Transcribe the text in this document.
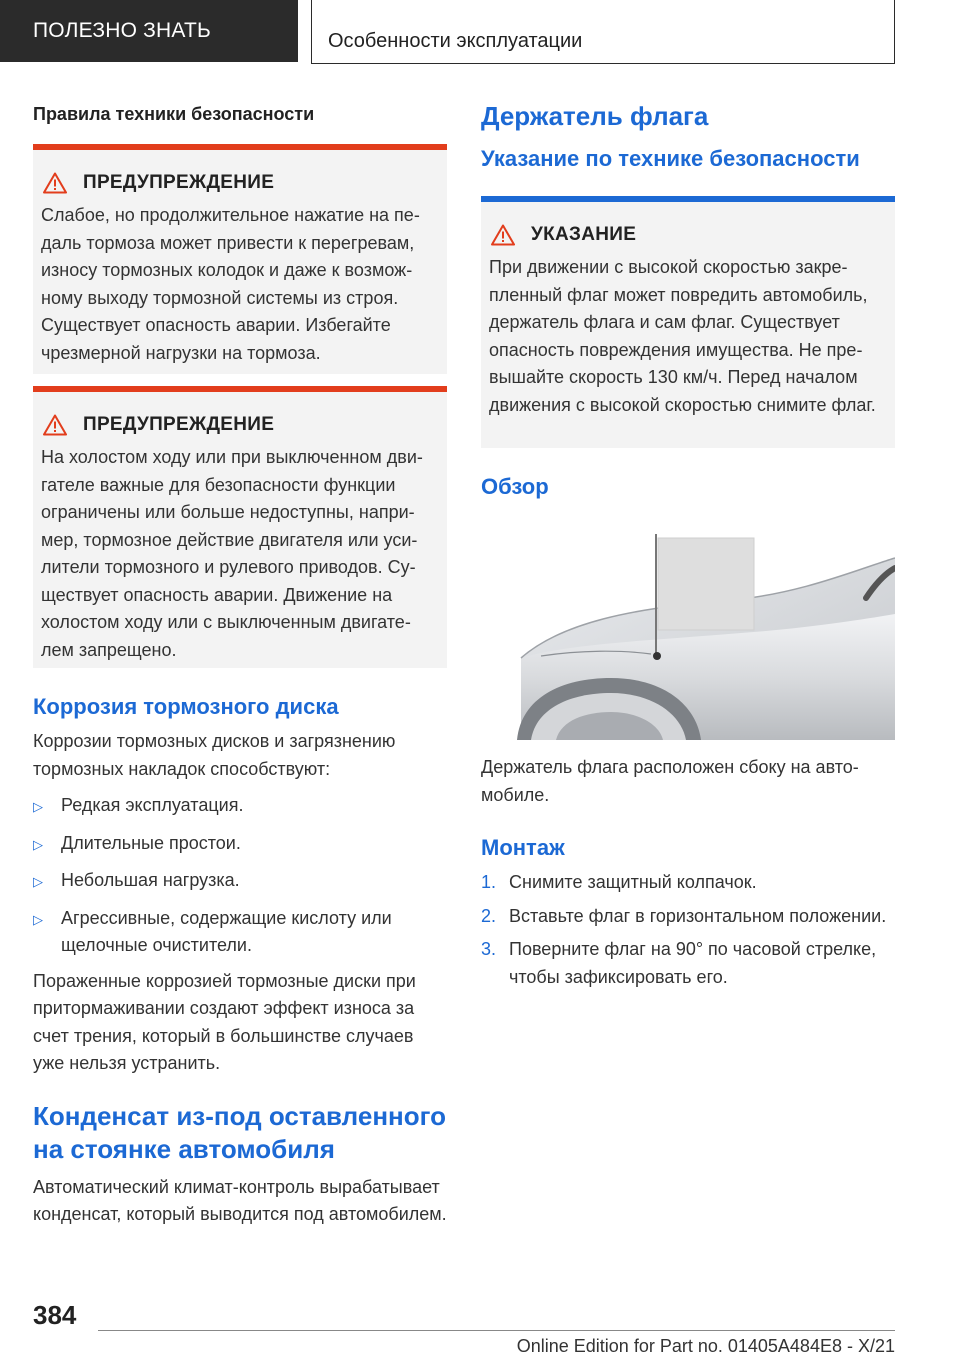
ПОЛЕЗНО ЗНАТЬ	Особенности эксплуатации
Правила техники безопасности
ПРЕДУПРЕЖДЕНИЕ
Слабое, но продолжительное нажатие на педаль тормоза может привести к перегревам, износу тормозных колодок и даже к возможному выходу тормозной системы из строя. Существует опасность аварии. Избегайте чрезмерной нагрузки на тормоза.
ПРЕДУПРЕЖДЕНИЕ
На холостом ходу или при выключенном двигателе важные для безопасности функции ограничены или больше недоступны, например, тормозное действие двигателя или усилители тормозного и рулевого приводов. Существует опасность аварии. Движение на холостом ходу или с выключенным двигателем запрещено.
Коррозия тормозного диска
Коррозии тормозных дисков и загрязнению тормозных накладок способствуют:
▷	Редкая эксплуатация.
▷	Длительные простои.
▷	Небольшая нагрузка.
▷	Агрессивные, содержащие кислоту или щелочные очистители.
Пораженные коррозией тормозные диски при притормаживании создают эффект износа за счет трения, который в большинстве случаев уже нельзя устранить.
Конденсат из-под оставленного на стоянке автомобиля
Автоматический климат-контроль вырабатывает конденсат, который выводится под автомобилем.
Держатель флага
Указание по технике безопасности
УКАЗАНИЕ
При движении с высокой скоростью закрепленный флаг может повредить автомобиль, держатель флага и сам флаг. Существует опасность повреждения имущества. Не превышайте скорость 130 км/ч. Перед началом движения с высокой скоростью снимите флаг.
Обзор
Держатель флага расположен сбоку на автомобиле.
Монтаж
1. Снимите защитный колпачок.
2. Вставьте флаг в горизонтальном положении.
3. Поверните флаг на 90° по часовой стрелке, чтобы зафиксировать его.
384
Online Edition for Part no. 01405A484E8 - X/21
